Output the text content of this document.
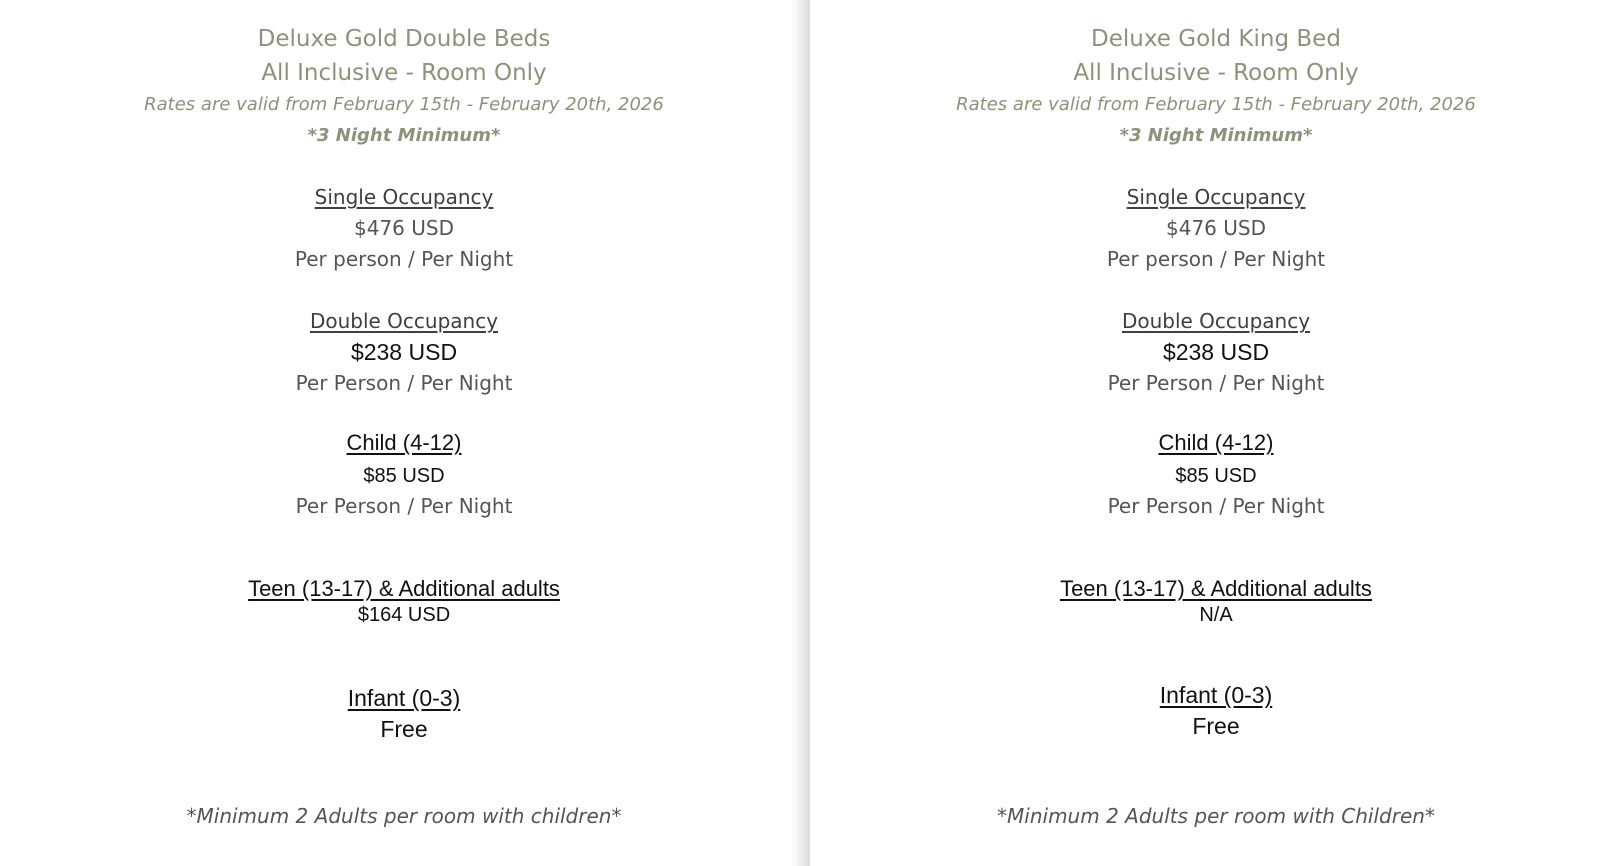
Deluxe Gold Double Beds
All Inclusive - Room Only
Rates are valid from February 15th - February 20th, 2026
*3 Night Minimum*
Single Occupancy
$476 USD
Per person / Per Night
Double Occupancy
$238 USD
Per Person / Per Night
Child (4-12)
$85 USD
Per Person / Per Night
Teen (13-17) & Additional adults
$164 USD
Infant (0-3)
Free
*Minimum 2 Adults per room with children*
Deluxe Gold King Bed
All Inclusive - Room Only
Rates are valid from February 15th - February 20th, 2026
*3 Night Minimum*
Single Occupancy
$476 USD
Per person / Per Night
Double Occupancy
$238 USD
Per Person / Per Night
Child (4-12)
$85 USD
Per Person / Per Night
Teen (13-17) & Additional adults
N/A
Infant (0-3)
Free
*Minimum 2 Adults per room with Children*
